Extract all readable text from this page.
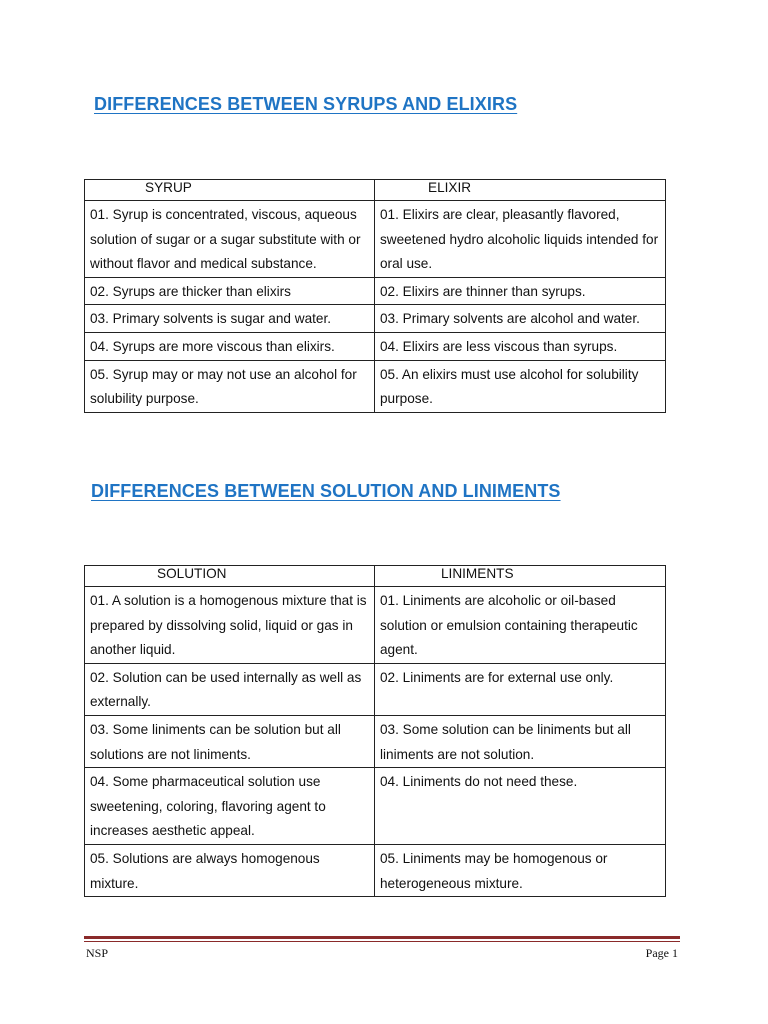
DIFFERENCES BETWEEN SYRUPS AND ELIXIRS
SYRUP	ELIXIR
01. Syrup is concentrated, viscous, aqueous solution of sugar or a sugar substitute with or without flavor and medical substance.	01. Elixirs are clear, pleasantly flavored, sweetened hydro alcoholic liquids intended for oral use.
02. Syrups are thicker than elixirs	02. Elixirs are thinner than syrups.
03. Primary solvents is sugar and water.	03. Primary solvents are alcohol and water.
04. Syrups are more viscous than elixirs.	04. Elixirs are less viscous than syrups.
05. Syrup may or may not use an alcohol for solubility purpose.	05. An elixirs must use alcohol for solubility purpose.
DIFFERENCES BETWEEN SOLUTION AND LINIMENTS
SOLUTION	LINIMENTS
01. A solution is a homogenous mixture that is prepared by dissolving solid, liquid or gas in another liquid.	01. Liniments are alcoholic or oil-based solution or emulsion containing therapeutic agent.
02. Solution can be used internally as well as externally.	02. Liniments are for external use only.
03. Some liniments can be solution but all solutions are not liniments.	03. Some solution can be liniments but all liniments are not solution.
04. Some pharmaceutical solution use sweetening, coloring, flavoring agent to increases aesthetic appeal.	04. Liniments do not need these.
05. Solutions are always homogenous mixture.	05. Liniments may be homogenous or heterogeneous mixture.
NSP	Page 1
